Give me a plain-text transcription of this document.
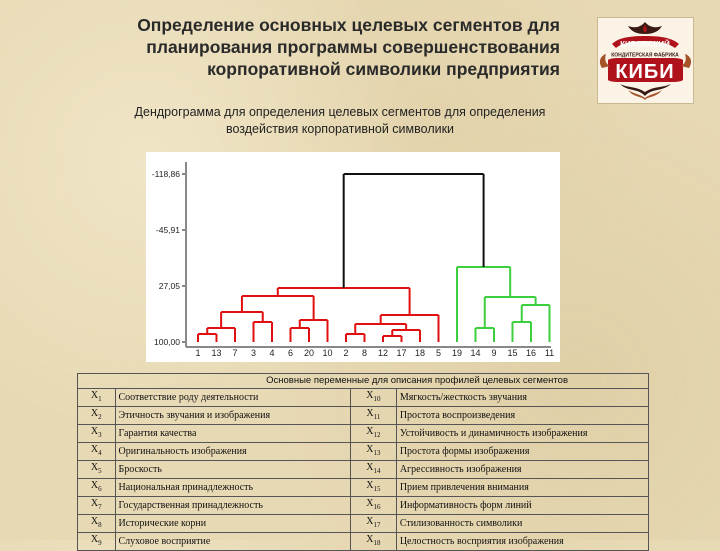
Определение основных целевых сегментов для
планирования программы совершенствования
корпоративной символики предприятия
КИРОВСКИЙ
КОНДИТЕРСКАЯ ФАБРИКА
КИБИ
Дендрограмма для определения целевых сегментов для определения
воздействия корпоративной символики
-118,86
-45,91
27,05
100,00
1 13 7 3 4 6 20 10 2 8 12 17 18 5 19 14 9 15 16 11
Основные переменные для описания профилей целевых сегментов			
$X_1$	Соответствие роду деятельности	$X_{10}$	Мягкость/жесткость звучания
$X_2$	Этичность звучания и изображения	$X_{11}$	Простота воспроизведения
$X_3$	Гарантия качества	$X_{12}$	Устойчивость и динамичность изображения
$X_4$	Оригинальность изображения	$X_{13}$	Простота формы изображения
$X_5$	Броскость	$X_{14}$	Агрессивность изображения
$X_6$	Национальная принадлежность	$X_{15}$	Прием привлечения внимания
$X_7$	Государственная принадлежность	$X_{16}$	Информативность форм линий
$X_8$	Исторические корни	$X_{17}$	Стилизованность символики
$X_9$	Слуховое восприятие	$X_{18}$	Целостность восприятия изображения
